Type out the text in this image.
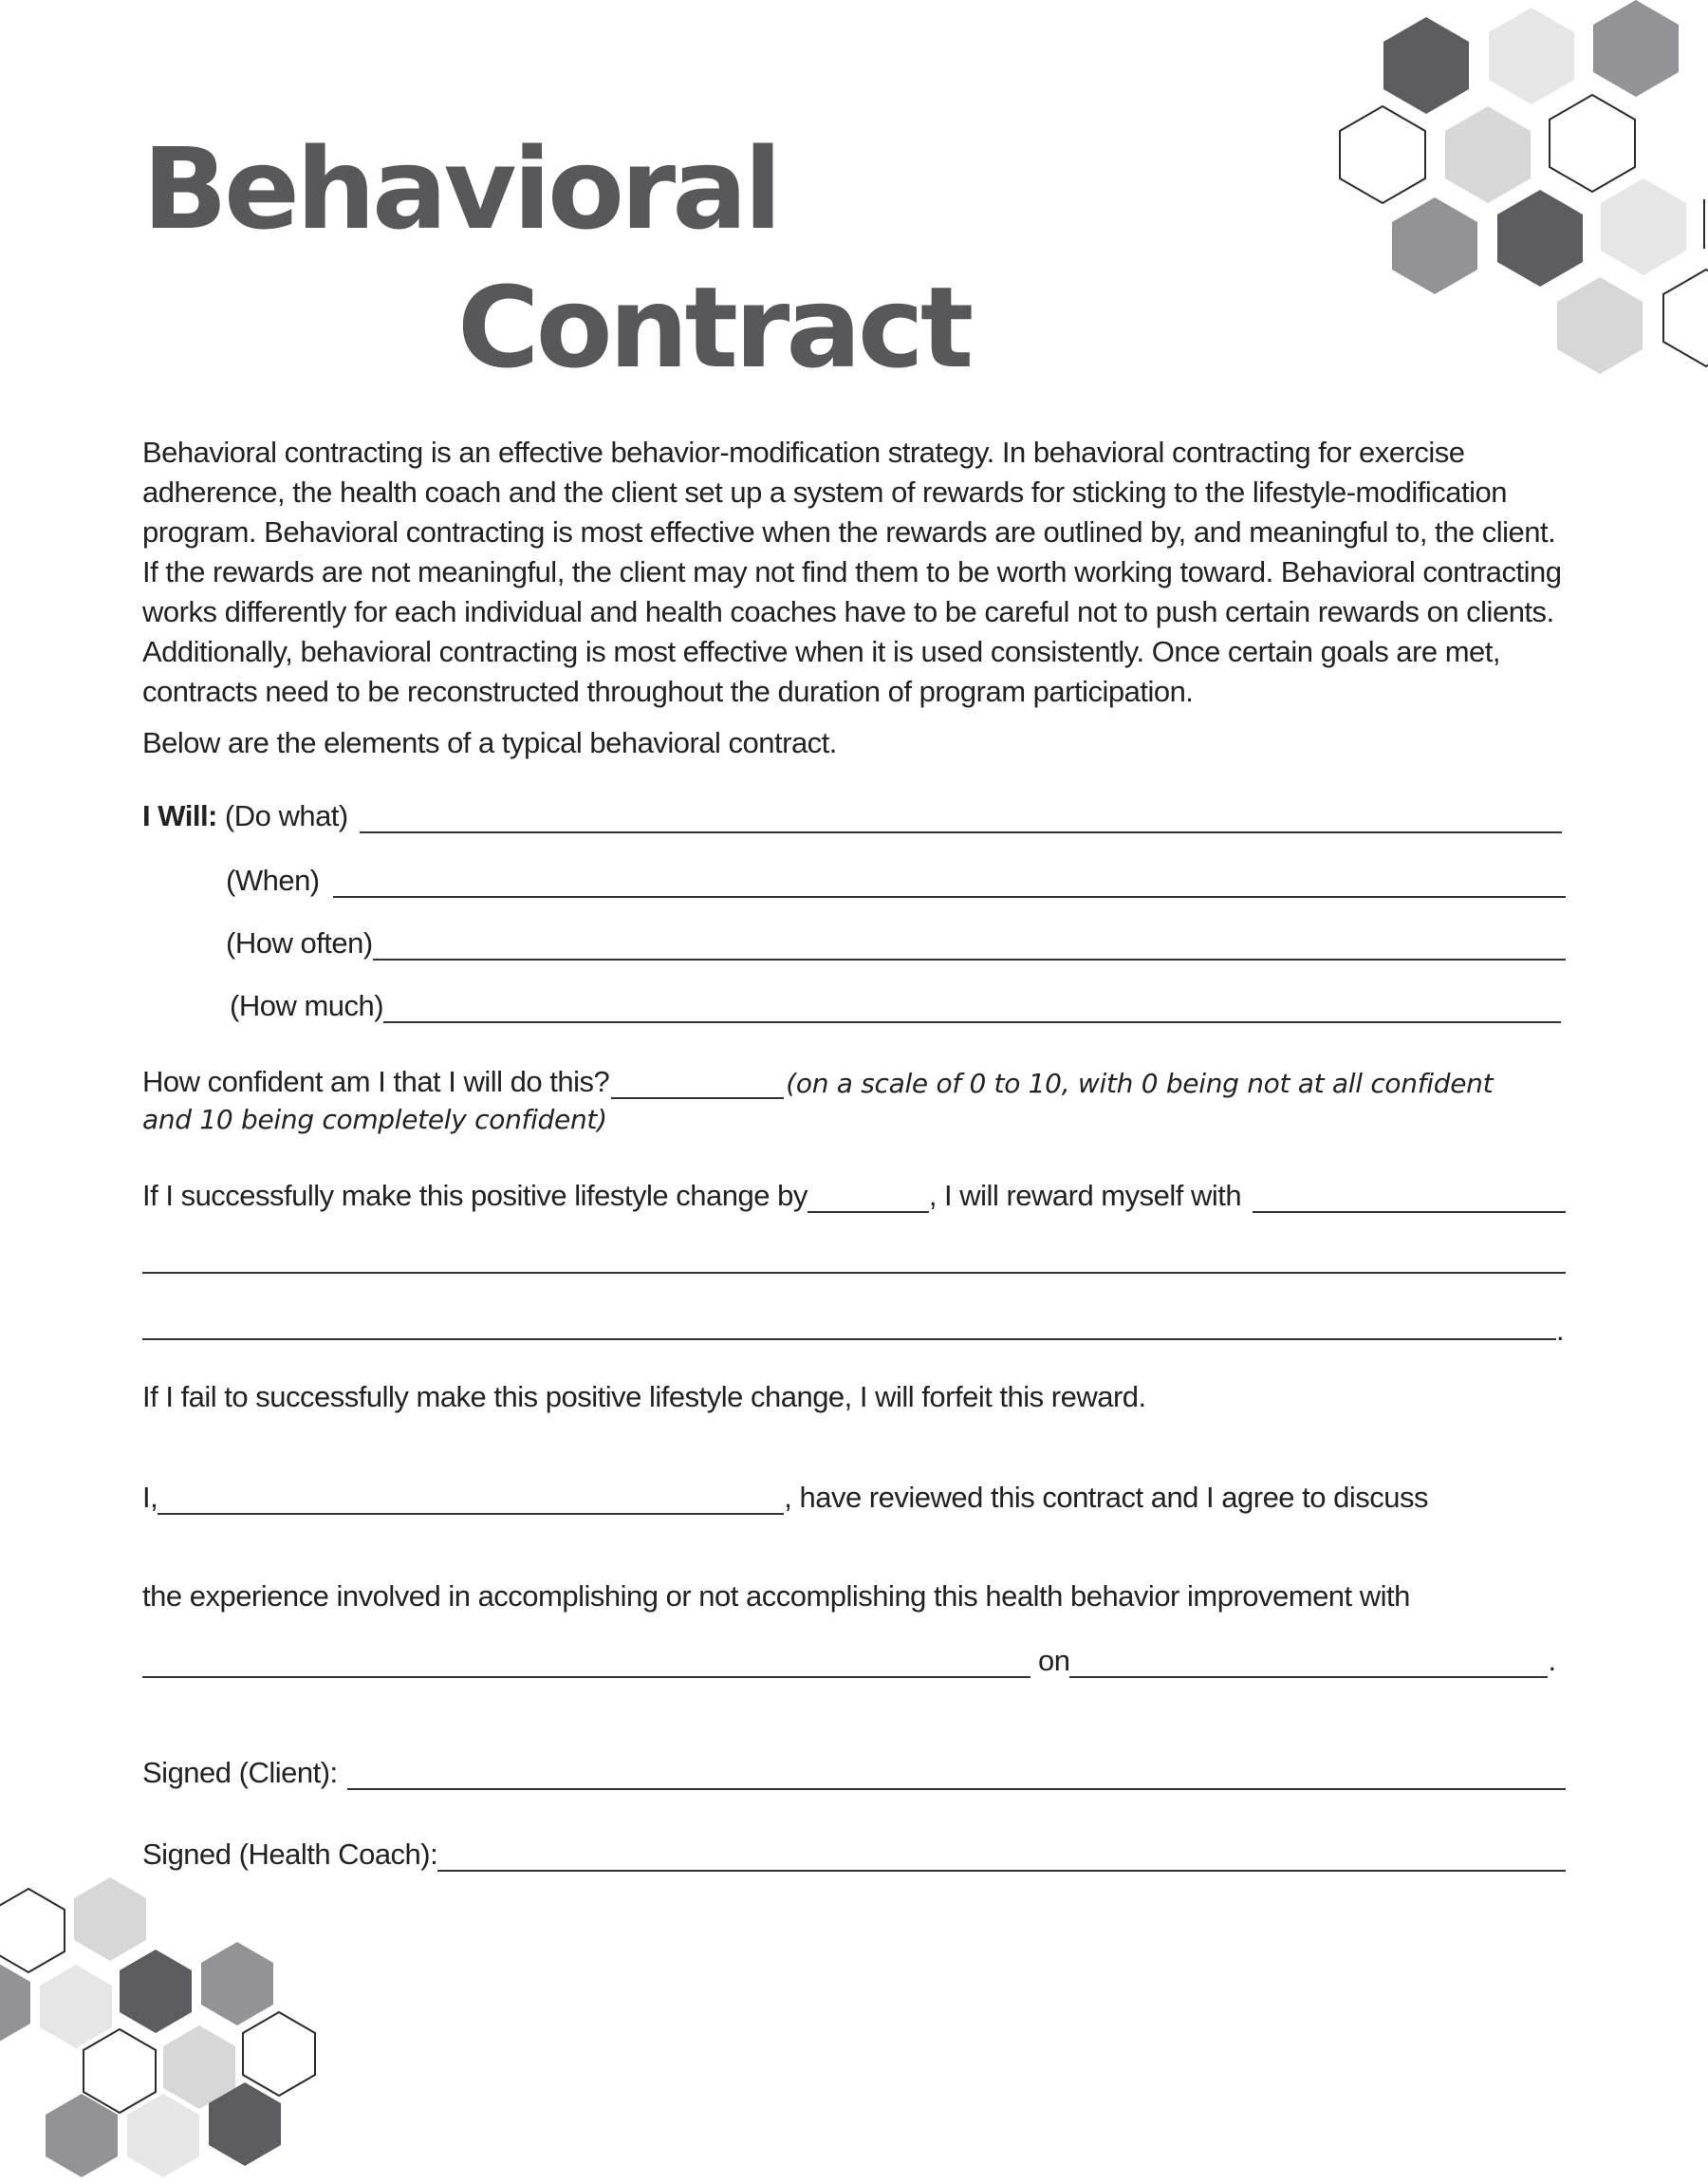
Behavioral
Contract

Behavioral contracting is an effective behavior-modification strategy. In behavioral contracting for exercise adherence, the health coach and the client set up a system of rewards for sticking to the lifestyle-modification program. Behavioral contracting is most effective when the rewards are outlined by, and meaningful to, the client. If the rewards are not meaningful, the client may not find them to be worth working toward. Behavioral contracting works differently for each individual and health coaches have to be careful not to push certain rewards on clients. Additionally, behavioral contracting is most effective when it is used consistently. Once certain goals are met, contracts need to be reconstructed throughout the duration of program participation.

Below are the elements of a typical behavioral contract.

I Will: (Do what)
(When)
(How often)
(How much)
How confident am I that I will do this?	(on a scale of 0 to 10, with 0 being not at all confident
and 10 being completely confident)
If I successfully make this positive lifestyle change by	, I will reward myself with
.
If I fail to successfully make this positive lifestyle change, I will forfeit this reward.
I,	, have reviewed this contract and I agree to discuss
the experience involved in accomplishing or not accomplishing this health behavior improvement with
on	.
Signed (Client):
Signed (Health Coach):
